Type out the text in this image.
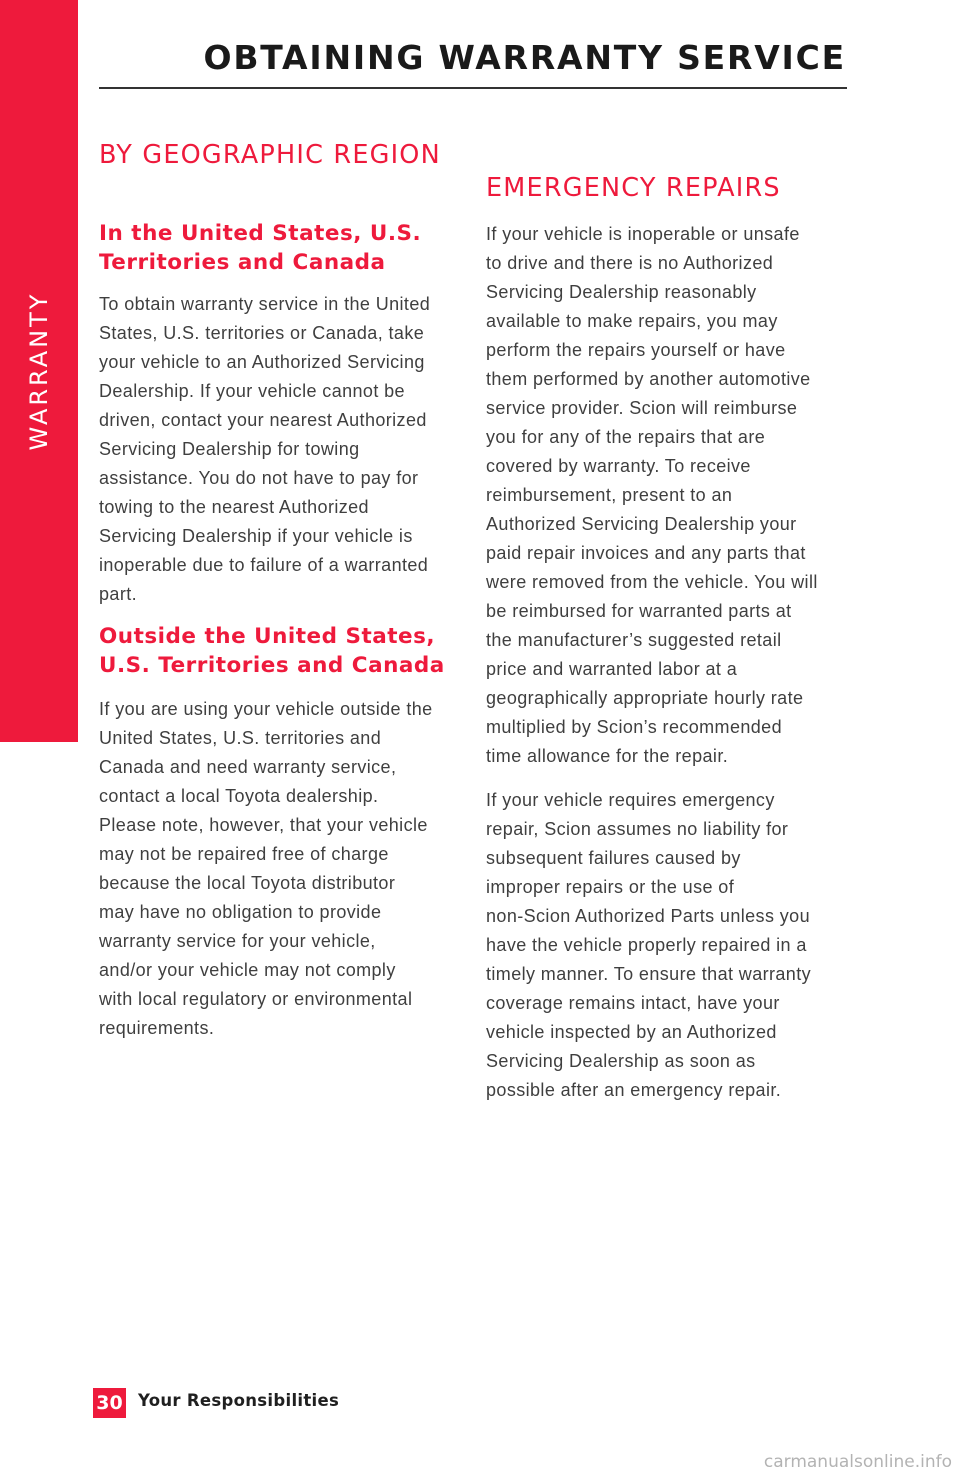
WARRANTY
OBTAINING WARRANTY SERVICE
BY GEOGRAPHIC REGION
In the United States, U.S.
Territories and Canada

To obtain warranty service in the United
States, U.S. territories or Canada, take
your vehicle to an Authorized Servicing
Dealership. If your vehicle cannot be
driven, contact your nearest Authorized
Servicing Dealership for towing
assistance. You do not have to pay for
towing to the nearest Authorized
Servicing Dealership if your vehicle is
inoperable due to failure of a warranted
part.

Outside the United States,
U.S. Territories and Canada

If you are using your vehicle outside the
United States, U.S. territories and
Canada and need warranty service,
contact a local Toyota dealership.
Please note, however, that your vehicle
may not be repaired free of charge
because the local Toyota distributor
may have no obligation to provide
warranty service for your vehicle,
and/or your vehicle may not comply
with local regulatory or environmental
requirements.

EMERGENCY REPAIRS

If your vehicle is inoperable or unsafe
to drive and there is no Authorized
Servicing Dealership reasonably
available to make repairs, you may
perform the repairs yourself or have
them performed by another automotive
service provider. Scion will reimburse
you for any of the repairs that are
covered by warranty. To receive
reimbursement, present to an
Authorized Servicing Dealership your
paid repair invoices and any parts that
were removed from the vehicle. You will
be reimbursed for warranted parts at
the manufacturer’s suggested retail
price and warranted labor at a
geographically appropriate hourly rate
multiplied by Scion’s recommended
time allowance for the repair.

If your vehicle requires emergency
repair, Scion assumes no liability for
subsequent failures caused by
improper repairs or the use of
non-Scion Authorized Parts unless you
have the vehicle properly repaired in a
timely manner. To ensure that warranty
coverage remains intact, have your
vehicle inspected by an Authorized
Servicing Dealership as soon as
possible after an emergency repair.

30 Your Responsibilities
carmanualsonline.info
